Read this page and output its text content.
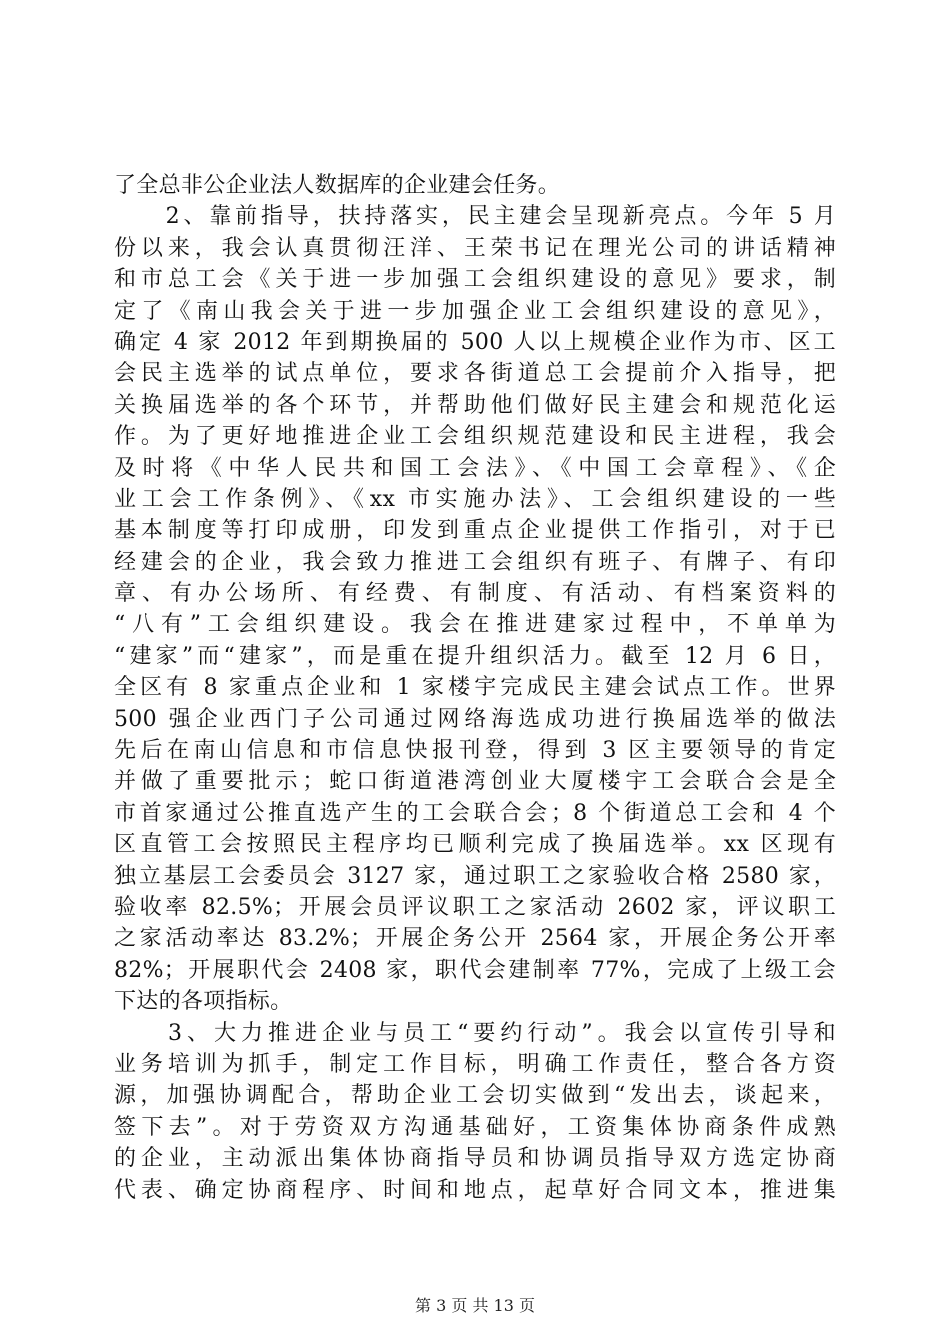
了全总非公企业法人数据库的企业建会任务。
　　2、靠前指导，扶持落实，民主建会呈现新亮点。今年 5 月
份以来，我会认真贯彻汪洋、王荣书记在理光公司的讲话精神
和市总工会《关于进一步加强工会组织建设的意见》要求，制
定了《南山我会关于进一步加强企业工会组织建设的意见》，
确定 4 家 2012 年到期换届的 500 人以上规模企业作为市、区工
会民主选举的试点单位，要求各街道总工会提前介入指导，把
关换届选举的各个环节，并帮助他们做好民主建会和规范化运
作。为了更好地推进企业工会组织规范建设和民主进程，我会
及时将《中华人民共和国工会法》、《中国工会章程》、《企
业工会工作条例》、《xx 市实施办法》、工会组织建设的一些
基本制度等打印成册，印发到重点企业提供工作指引，对于已
经建会的企业，我会致力推进工会组织有班子、有牌子、有印
章、有办公场所、有经费、有制度、有活动、有档案资料的
“八有”工会组织建设。我会在推进建家过程中，不单单为
“建家”而“建家”，而是重在提升组织活力。截至 12 月 6 日，
全区有 8 家重点企业和 1 家楼宇完成民主建会试点工作。世界
500 强企业西门子公司通过网络海选成功进行换届选举的做法
先后在南山信息和市信息快报刊登，得到 3 区主要领导的肯定
并做了重要批示；蛇口街道港湾创业大厦楼宇工会联合会是全
市首家通过公推直选产生的工会联合会；8 个街道总工会和 4 个
区直管工会按照民主程序均已顺利完成了换届选举。xx 区现有
独立基层工会委员会 3127 家，通过职工之家验收合格 2580 家，
验收率 82.5%；开展会员评议职工之家活动 2602 家，评议职工
之家活动率达 83.2%；开展企务公开 2564 家，开展企务公开率
82%；开展职代会 2408 家，职代会建制率 77%，完成了上级工会
下达的各项指标。
　　3、大力推进企业与员工“要约行动”。我会以宣传引导和
业务培训为抓手，制定工作目标，明确工作责任，整合各方资
源，加强协调配合，帮助企业工会切实做到“发出去，谈起来，
签下去”。对于劳资双方沟通基础好，工资集体协商条件成熟
的企业，主动派出集体协商指导员和协调员指导双方选定协商
代表、确定协商程序、时间和地点，起草好合同文本，推进集
第 3 页 共 13 页
